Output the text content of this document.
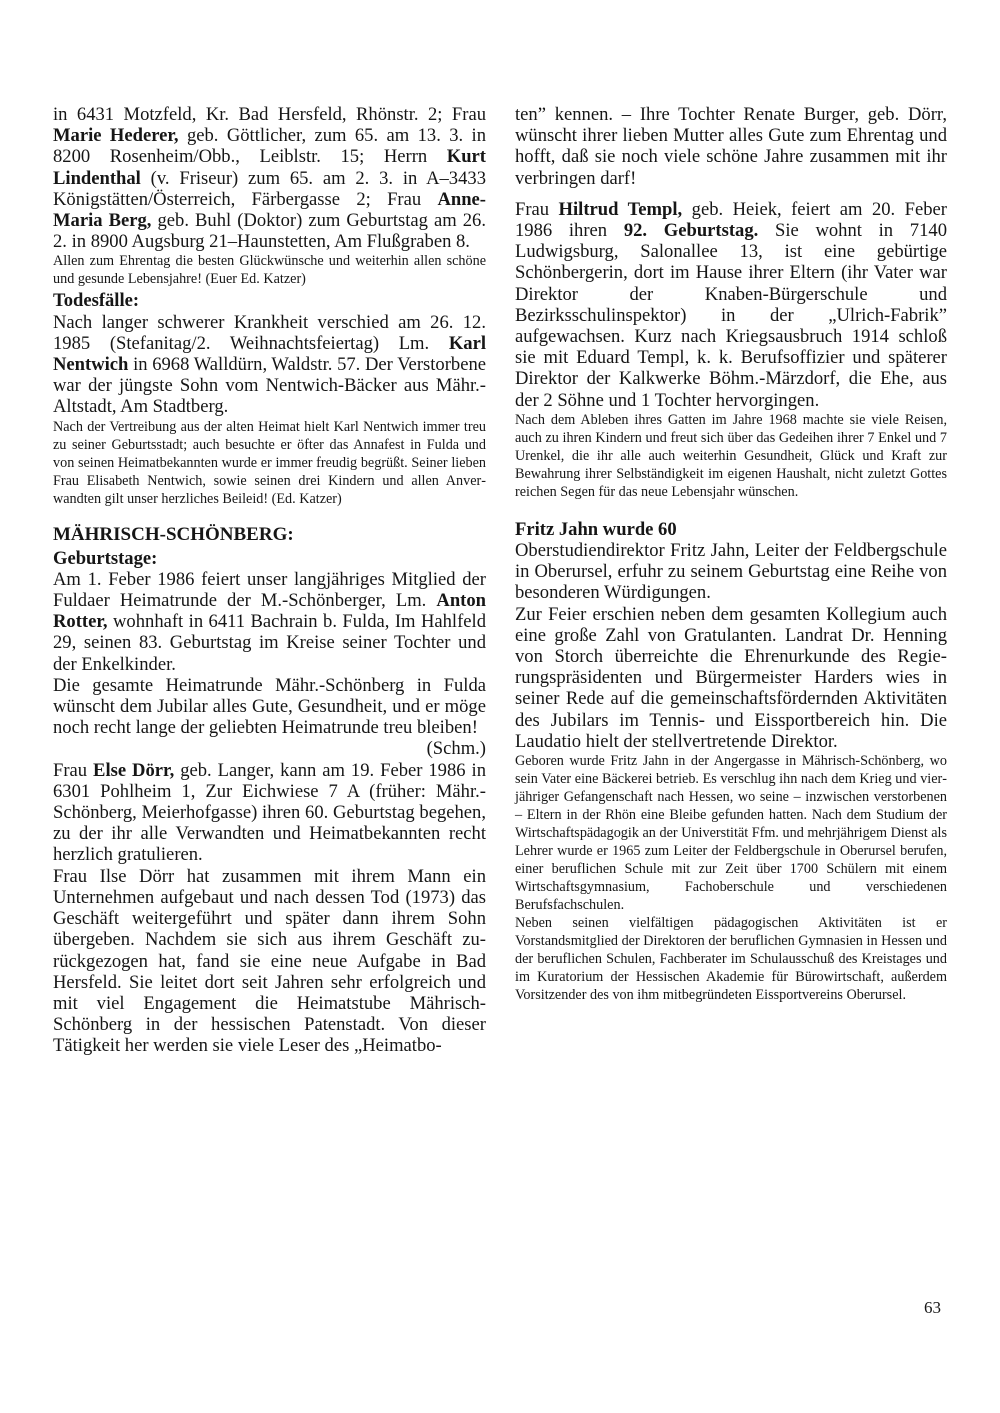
in 6431 Motzfeld, Kr. Bad Hersfeld, Rhönstr. 2; Frau Marie Hederer, geb. Göttlicher, zum 65. am 13. 3. in 8200 Rosenheim/Obb., Leiblstr. 15; Herrn Kurt Lindenthal (v. Friseur) zum 65. am 2. 3. in A–3433 Königstätten/Österreich, Färbergasse 2; Frau Anne-Maria Berg, geb. Buhl (Doktor) zum Geburtstag am 26. 2. in 8900 Augsburg 21–Haunstetten, Am Flußgraben 8.

Allen zum Ehrentag die besten Glückwünsche und weiterhin allen schöne und gesunde Lebensjahre! (Euer Ed. Katzer)

Todesfälle:

Nach langer schwerer Krankheit verschied am 26. 12. 1985 (Stefanitag/2. Weihnachtsfeiertag) Lm. Karl Nentwich in 6968 Walldürn, Waldstr. 57. Der Verstorbene war der jüngste Sohn vom Nentwich-Bäcker aus Mähr.-Altstadt, Am Stadtberg.

Nach der Vertreibung aus der alten Heimat hielt Karl Nentwich immer treu zu seiner Geburtsstadt; auch besuchte er öfter das Annafest in Fulda und von seinen Heimatbekannten wurde er immer freudig begrüßt. Seiner lieben Frau Elisabeth Nentwich, sowie seinen drei Kindern und allen Anverwandten gilt unser herzliches Beileid! (Ed. Katzer)

MÄHRISCH-SCHÖNBERG:
Geburtstage:

Am 1. Feber 1986 feiert unser langjähriges Mitglied der Fuldaer Heimatrunde der M.-Schönberger, Lm. Anton Rotter, wohnhaft in 6411 Bachrain b. Fulda, Im Hahlfeld 29, seinen 83. Geburtstag im Kreise seiner Tochter und der Enkelkinder.

Die gesamte Heimatrunde Mähr.-Schönberg in Fulda wünscht dem Jubilar alles Gute, Gesundheit, und er möge noch recht lange der geliebten Heimatrunde treu bleiben!

(Schm.)

Frau Else Dörr, geb. Langer, kann am 19. Feber 1986 in 6301 Pohlheim 1, Zur Eichwiese 7 A (früher: Mähr.-Schönberg, Meierhofgasse) ihren 60. Geburtstag begehen, zu der ihr alle Verwandten und Heimatbekannten recht herzlich gratulieren.

Frau Ilse Dörr hat zusammen mit ihrem Mann ein Unternehmen aufgebaut und nach dessen Tod (1973) das Geschäft weitergeführt und später dann ihrem Sohn übergeben. Nachdem sie sich aus ihrem Geschäft zurückgezogen hat, fand sie eine neue Aufgabe in Bad Hersfeld. Sie leitet dort seit Jahren sehr erfolgreich und mit viel Engagement die Heimatstube Mährisch-Schönberg in der hessischen Patenstadt. Von dieser Tätigkeit her werden sie viele Leser des „Heimatbo-

ten” kennen. – Ihre Tochter Renate Burger, geb. Dörr, wünscht ihrer lieben Mutter alles Gute zum Ehrentag und hofft, daß sie noch viele schöne Jahre zusammen mit ihr verbringen darf!

Frau Hiltrud Templ, geb. Heiek, feiert am 20. Feber 1986 ihren 92. Geburtstag. Sie wohnt in 7140 Ludwigsburg, Salonallee 13, ist eine gebürtige Schönbergerin, dort im Hause ihrer Eltern (ihr Vater war Direktor der Knaben-Bürgerschule und Bezirksschulinspektor) in der „Ulrich-Fabrik” aufgewachsen. Kurz nach Kriegsausbruch 1914 schloß sie mit Eduard Templ, k. k. Berufsoffizier und späterer Direktor der Kalkwerke Böhm.-Märzdorf, die Ehe, aus der 2 Söhne und 1 Tochter hervorgingen.

Nach dem Ableben ihres Gatten im Jahre 1968 machte sie viele Reisen, auch zu ihren Kindern und freut sich über das Gedeihen ihrer 7 Enkel und 7 Urenkel, die ihr alle auch weiterhin Gesundheit, Glück und Kraft zur Bewahrung ihrer Selbständigkeit im eigenen Haushalt, nicht zuletzt Gottes reichen Segen für das neue Lebensjahr wünschen.

Fritz Jahn wurde 60

Oberstudiendirektor Fritz Jahn, Leiter der Feldbergschule in Oberursel, erfuhr zu seinem Geburtstag eine Reihe von besonderen Würdigungen.

Zur Feier erschien neben dem gesamten Kollegium auch eine große Zahl von Gratulanten. Landrat Dr. Henning von Storch überreichte die Ehrenurkunde des Regierungspräsidenten und Bürgermeister Harders wies in seiner Rede auf die gemeinschaftsfördernden Aktivitäten des Jubilars im Tennis- und Eissportbereich hin. Die Laudatio hielt der stellvertretende Direktor.

Geboren wurde Fritz Jahn in der Angergasse in Mährisch-Schönberg, wo sein Vater eine Bäckerei betrieb. Es verschlug ihn nach dem Krieg und vierjähriger Gefangenschaft nach Hessen, wo seine – inzwischen verstorbenen – Eltern in der Rhön eine Bleibe gefunden hatten. Nach dem Studium der Wirtschaftspädagogik an der Universtität Ffm. und mehrjährigem Dienst als Lehrer wurde er 1965 zum Leiter der Feldbergschule in Oberursel berufen, einer beruflichen Schule mit zur Zeit über 1700 Schülern mit einem Wirtschaftsgymnasium, Fachoberschule und verschiedenen Berufsfachschulen.

Neben seinen vielfältigen pädagogischen Aktivitäten ist er Vorstandsmitglied der Direktoren der beruflichen Gymnasien in Hessen und der beruflichen Schulen, Fachberater im Schulausschuß des Kreistages und im Kuratorium der Hessischen Akademie für Bürowirtschaft, außerdem Vorsitzender des von ihm mitbegründeten Eissportvereins Oberursel.

63
